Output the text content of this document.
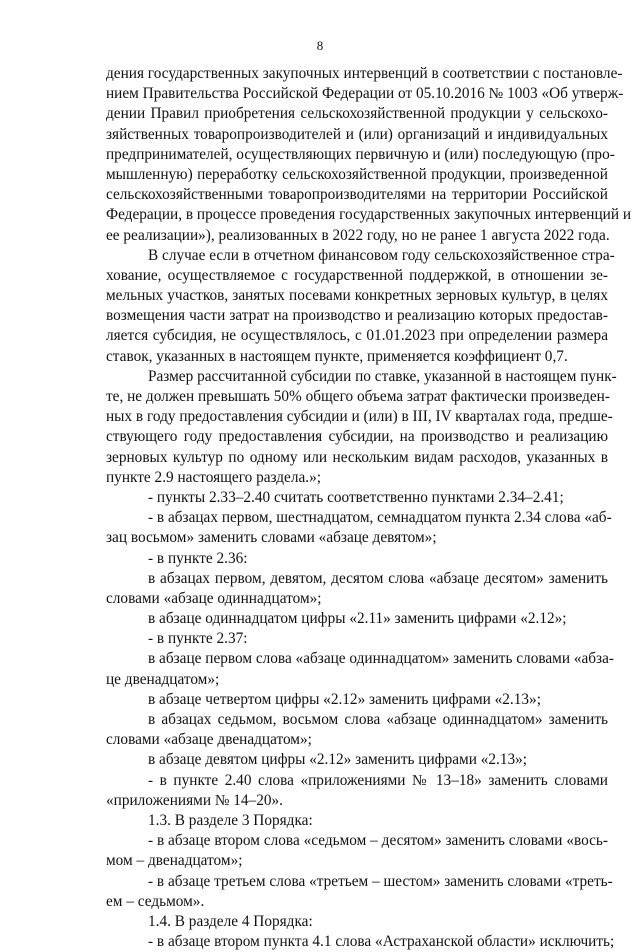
8
дения государственных закупочных интервенций в соответствии с постановле-
нием Правительства Российской Федерации от 05.10.2016 № 1003 «Об утверж-
дении Правил приобретения сельскохозяйственной продукции у сельскохо-
зяйственных товаропроизводителей и (или) организаций и индивидуальных
предпринимателей, осуществляющих первичную и (или) последующую (про-
мышленную) переработку сельскохозяйственной продукции, произведенной
сельскохозяйственными товаропроизводителями на территории Российской
Федерации, в процессе проведения государственных закупочных интервенций и
ее реализации»), реализованных в 2022 году, но не ранее 1 августа 2022 года.
В случае если в отчетном финансовом году сельскохозяйственное стра-
хование, осуществляемое с государственной поддержкой, в отношении зе-
мельных участков, занятых посевами конкретных зерновых культур, в целях
возмещения части затрат на производство и реализацию которых предостав-
ляется субсидия, не осуществлялось, с 01.01.2023 при определении размера
ставок, указанных в настоящем пункте, применяется коэффициент 0,7.
Размер рассчитанной субсидии по ставке, указанной в настоящем пунк-
те, не должен превышать 50% общего объема затрат фактически произведен-
ных в году предоставления субсидии и (или) в III, IV кварталах года, предше-
ствующего году предоставления субсидии, на производство и реализацию
зерновых культур по одному или нескольким видам расходов, указанных в
пункте 2.9 настоящего раздела.»;
- пункты 2.33–2.40 считать соответственно пунктами 2.34–2.41;
- в абзацах первом, шестнадцатом, семнадцатом пункта 2.34 слова «аб-
зац восьмом» заменить словами «абзаце девятом»;
- в пункте 2.36:
в абзацах первом, девятом, десятом слова «абзаце десятом» заменить
словами «абзаце одиннадцатом»;
в абзаце одиннадцатом цифры «2.11» заменить цифрами «2.12»;
- в пункте 2.37:
в абзаце первом слова «абзаце одиннадцатом» заменить словами «абза-
це двенадцатом»;
в абзаце четвертом цифры «2.12» заменить цифрами «2.13»;
в абзацах седьмом, восьмом слова «абзаце одиннадцатом» заменить
словами «абзаце двенадцатом»;
в абзаце девятом цифры «2.12» заменить цифрами «2.13»;
- в пункте 2.40 слова «приложениями № 13–18» заменить словами
«приложениями № 14–20».
1.3. В разделе 3 Порядка:
- в абзаце втором слова «седьмом – десятом» заменить словами «вось-
мом – двенадцатом»;
- в абзаце третьем слова «третьем – шестом» заменить словами «треть-
ем – седьмом».
1.4. В разделе 4 Порядка:
- в абзаце втором пункта 4.1 слова «Астраханской области» исключить;
